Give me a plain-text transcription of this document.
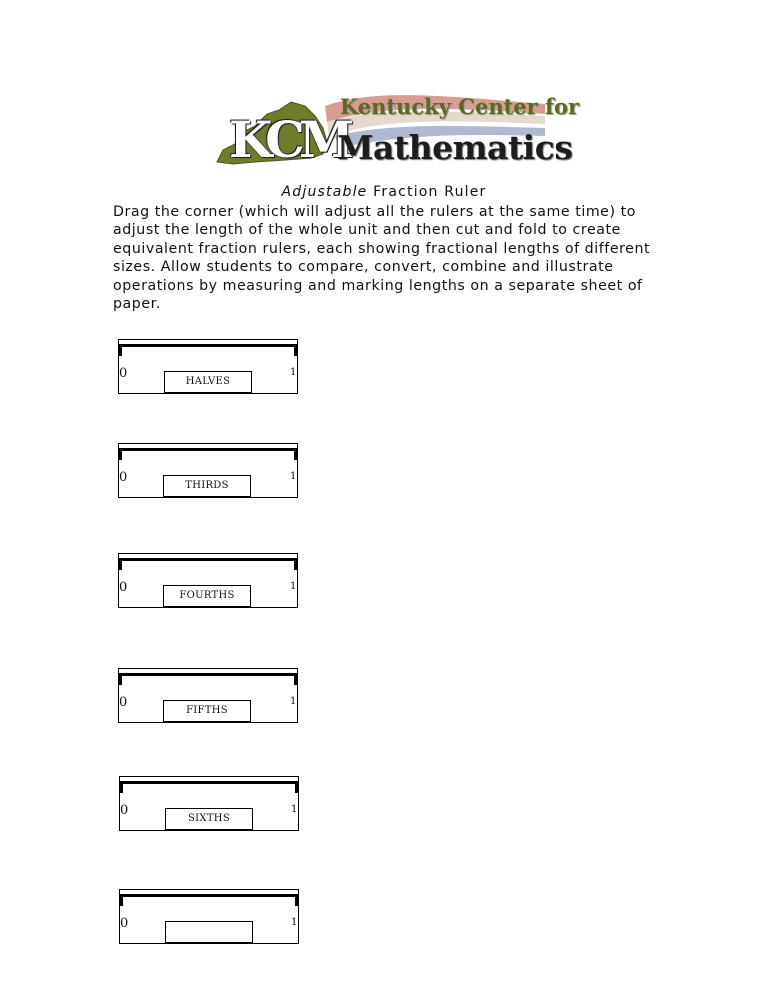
KCM
Kentucky Center for
Mathematics
Adjustable Fraction Ruler
Drag the corner (which will adjust all the rulers at the same time) to adjust the length of the whole unit and then cut and fold to create equivalent fraction rulers, each showing fractional lengths of different sizes. Allow students to compare, convert, combine and illustrate operations by measuring and marking lengths on a separate sheet of paper.
0	1
HALVES
0	1
THIRDS
0	1
FOURTHS
0	1
FIFTHS
0	1
SIXTHS
0	1
